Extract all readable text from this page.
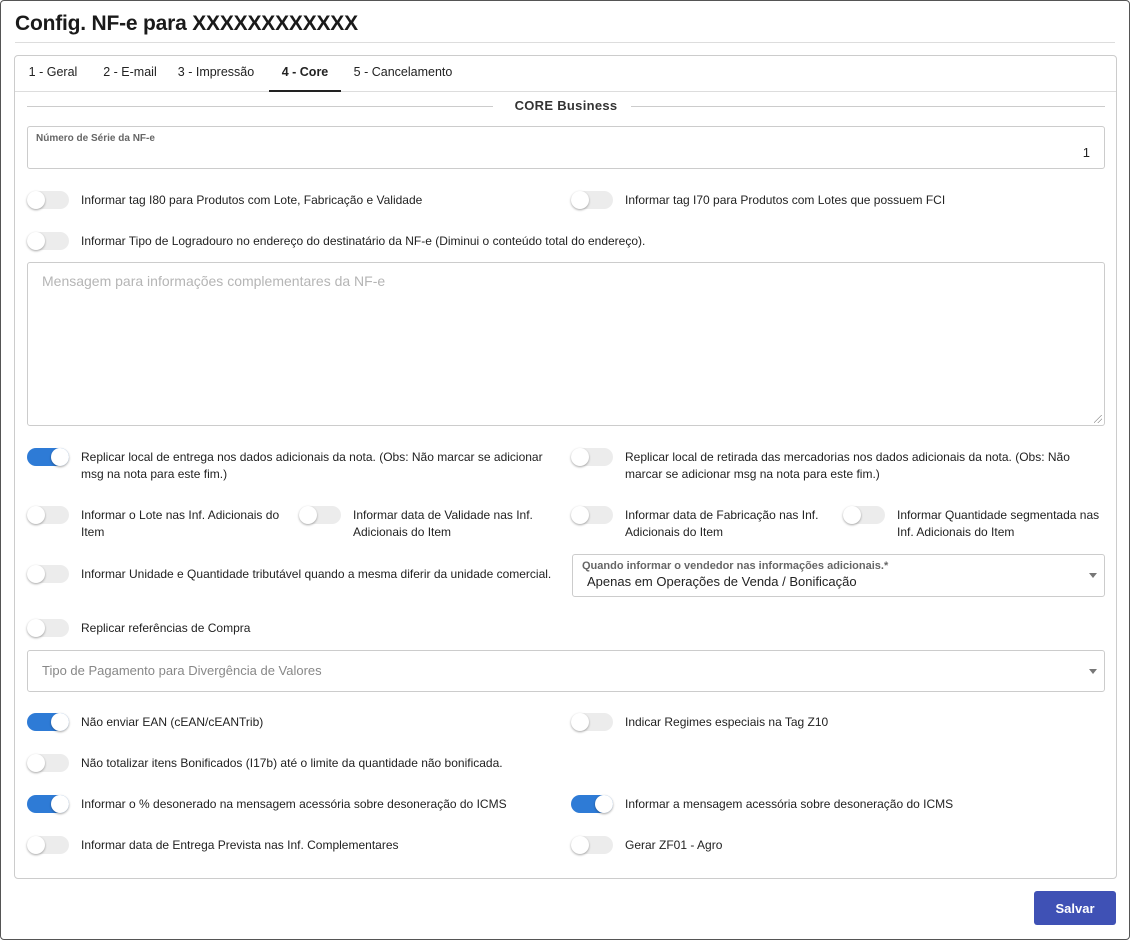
Config. NF-e para XXXXXXXXXXXX
1 - Geral	2 - E-mail	3 - Impressão	4 - Core	5 - Cancelamento
CORE Business
Número de Série da NF-e
1
Informar tag I80 para Produtos com Lote, Fabricação e Validade	Informar tag I70 para Produtos com Lotes que possuem FCI
Informar Tipo de Logradouro no endereço do destinatário da NF-e (Diminui o conteúdo total do endereço).
Mensagem para informações complementares da NF-e
Replicar local de entrega nos dados adicionais da nota. (Obs: Não marcar se adicionar msg na nota para este fim.)
Replicar local de retirada das mercadorias nos dados adicionais da nota. (Obs: Não marcar se adicionar msg na nota para este fim.)
Informar o Lote nas Inf. Adicionais do Item
Informar data de Validade nas Inf. Adicionais do Item
Informar data de Fabricação nas Inf. Adicionais do Item
Informar Quantidade segmentada nas Inf. Adicionais do Item
Informar Unidade e Quantidade tributável quando a mesma diferir da unidade comercial.
Quando informar o vendedor nas informações adicionais.*
Apenas em Operações de Venda / Bonificação
Replicar referências de Compra
Tipo de Pagamento para Divergência de Valores
Não enviar EAN (cEAN/cEANTrib)	Indicar Regimes especiais na Tag Z10
Não totalizar itens Bonificados (I17b) até o limite da quantidade não bonificada.
Informar o % desonerado na mensagem acessória sobre desoneração do ICMS	Informar a mensagem acessória sobre desoneração do ICMS
Informar data de Entrega Prevista nas Inf. Complementares	Gerar ZF01 - Agro
Salvar
